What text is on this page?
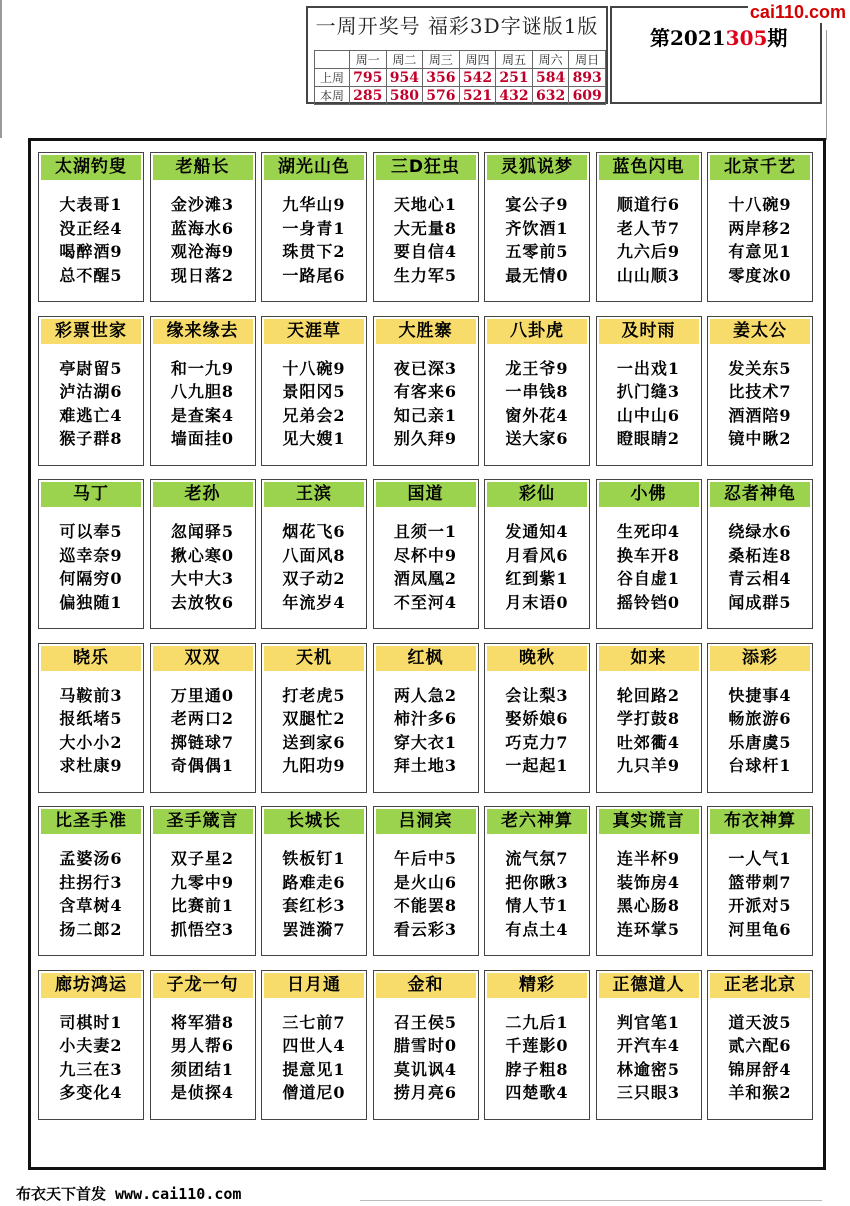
一周开奖号 福彩3D字谜版1版
	周一	周二	周三	周四	周五	周六	周日
上周	795	954	356	542	251	584	893
本周	285	580	576	521	432	632	609
第2021305期
cai110.com
太湖钓叟
大表哥1
没正经4
喝醉酒9
总不醒5
老船长
金沙滩3
蓝海水6
观沧海9
现日落2
湖光山色
九华山9
一身青1
珠贯下2
一路尾6
三D狂虫
天地心1
大无量8
要自信4
生力军5
灵狐说梦
宴公子9
齐饮酒1
五零前5
最无情0
蓝色闪电
顺道行6
老人节7
九六后9
山山顺3
北京千艺
十八碗9
两岸移2
有意见1
零度冰0
彩票世家
亭尉留5
泸沽湖6
难逃亡4
猴子群8
缘来缘去
和一九9
八九胆8
是查案4
墙面挂0
天涯草
十八碗9
景阳冈5
兄弟会2
见大嫂1
大胜寨
夜已深3
有客来6
知己亲1
别久拜9
八卦虎
龙王爷9
一串钱8
窗外花4
送大家6
及时雨
一出戏1
扒门缝3
山中山6
瞪眼睛2
姜太公
发关东5
比技术7
酒酒陪9
镜中瞅2
马丁
可以奉5
巡幸奈9
何隔穷0
偏独随1
老孙
忽闻驿5
揪心寒0
大中大3
去放牧6
王滨
烟花飞6
八面风8
双子动2
年流岁4
国道
且须一1
尽杯中9
酒凤凰2
不至河4
彩仙
发通知4
月看风6
红到紫1
月末语0
小佛
生死印4
换车开8
谷自虚1
摇铃铛0
忍者神龟
绕绿水6
桑柘连8
青云相4
闻成群5
晓乐
马鞍前3
报纸堵5
大小小2
求杜康9
双双
万里通0
老两口2
掷链球7
奇偶偶1
天机
打老虎5
双腿忙2
送到家6
九阳功9
红枫
两人急2
柿汁多6
穿大衣1
拜土地3
晚秋
会让梨3
娶娇娘6
巧克力7
一起起1
如来
轮回路2
学打鼓8
吐郊衢4
九只羊9
添彩
快捷事4
畅旅游6
乐唐虞5
台球杆1
比圣手准
孟婆汤6
拄拐行3
含草树4
扬二郎2
圣手箴言
双子星2
九零中9
比赛前1
抓悟空3
长城长
铁板钉1
路难走6
套红杉3
罢涟漪7
吕洞宾
午后中5
是火山6
不能罢8
看云彩3
老六神算
流气氛7
把你瞅3
情人节1
有点土4
真实谎言
连半杯9
装饰房4
黑心肠8
连环掌5
布衣神算
一人气1
篮带刺7
开派对5
河里龟6
廊坊鸿运
司棋时1
小夫妻2
九三在3
多变化4
子龙一句
将军猎8
男人帮6
须团结1
是侦探4
日月通
三七前7
四世人4
提意见1
僧道尼0
金和
召王侯5
腊雪时0
莫讥讽4
捞月亮6
精彩
二九后1
千莲影0
脖子粗8
四楚歌4
正德道人
判官笔1
开汽车4
林逾密5
三只眼3
正老北京
道天波5
贰六配6
锦屏舒4
羊和猴2
布衣天下首发 www.cai110.com
